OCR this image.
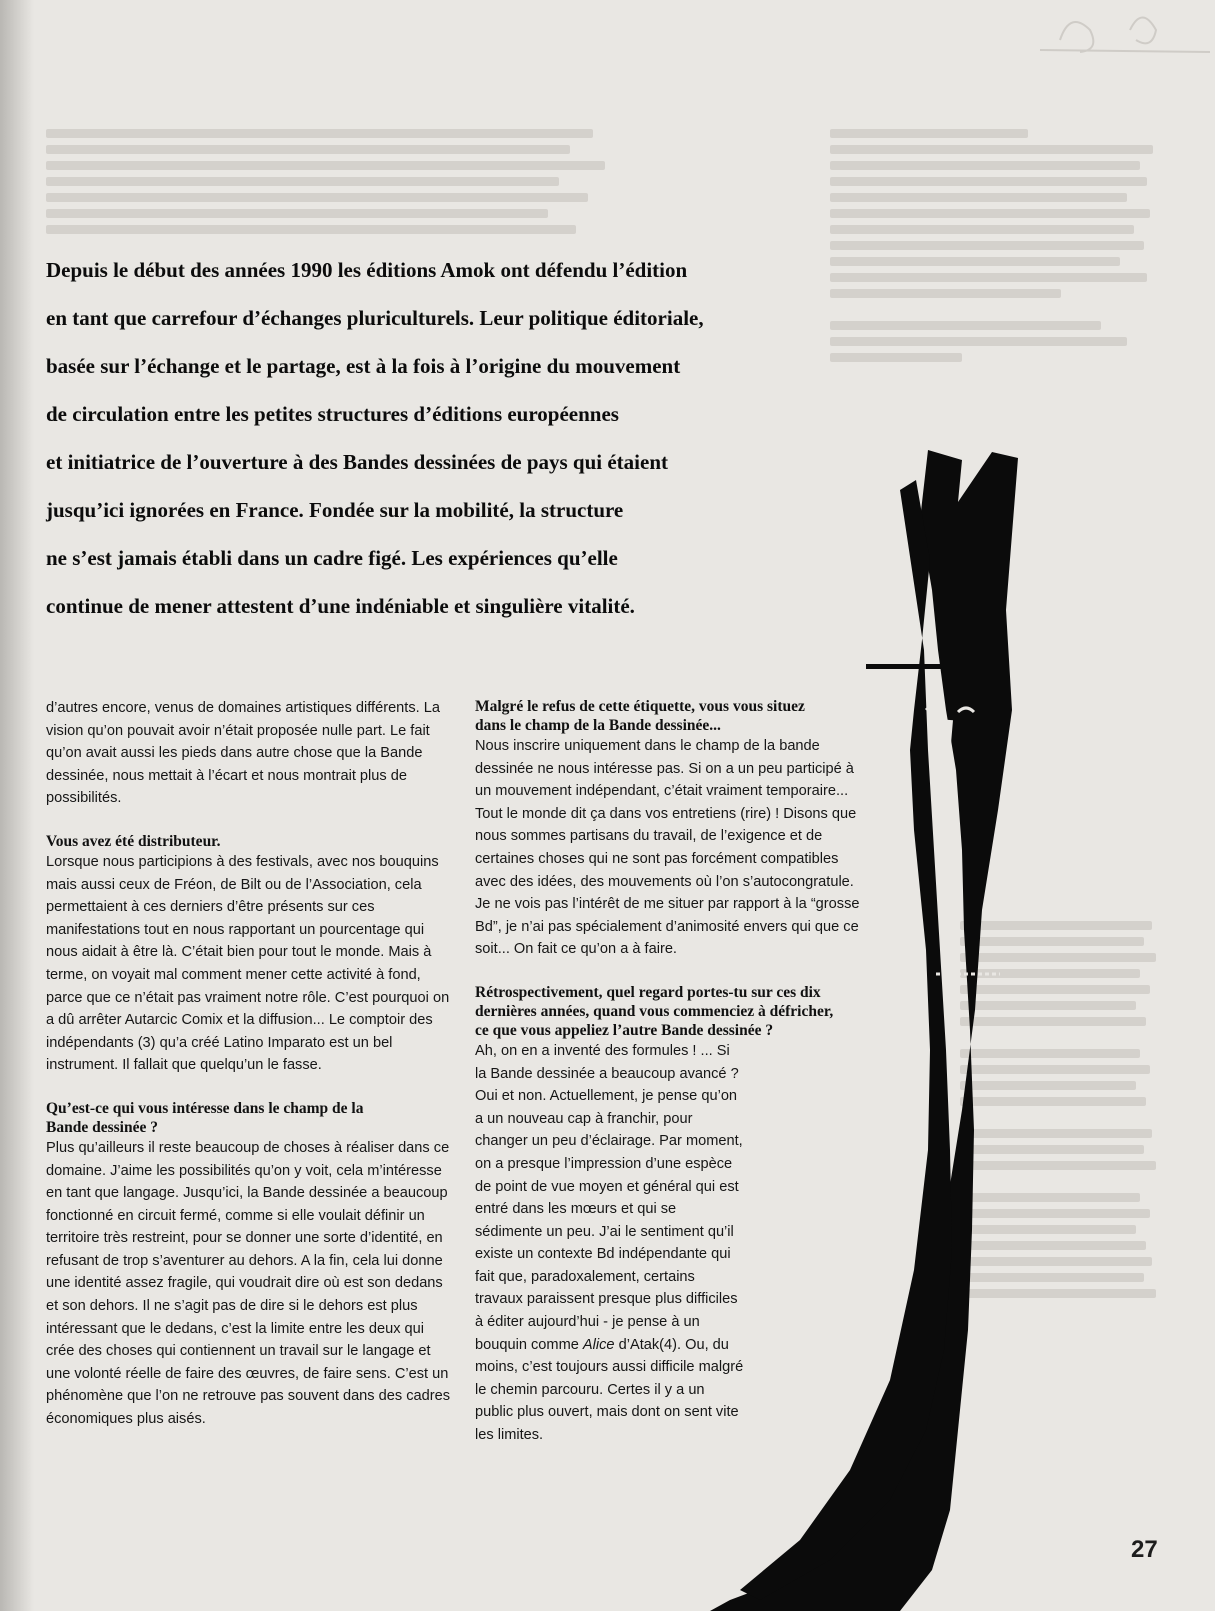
Depuis le début des années 1990 les éditions Amok ont défendu l’édition
en tant que carrefour d’échanges pluriculturels. Leur politique éditoriale,
basée sur l’échange et le partage, est à la fois à l’origine du mouvement
de circulation entre les petites structures d’éditions européennes
et initiatrice de l’ouverture à des Bandes dessinées de pays qui étaient
jusqu’ici ignorées en France. Fondée sur la mobilité, la structure
ne s’est jamais établi dans un cadre figé. Les expériences qu’elle
continue de mener attestent d’une indéniable et singulière vitalité.

d’autres encore, venus de domaines artistiques différents. La vision qu’on pouvait avoir n’était proposée nulle part. Le fait qu’on avait aussi les pieds dans autre chose que la Bande dessinée, nous mettait à l’écart et nous montrait plus de possibilités.

Vous avez été distributeur.

Lorsque nous participions à des festivals, avec nos bouquins mais aussi ceux de Fréon, de Bilt ou de l’Association, cela permettaient à ces derniers d’être présents sur ces manifestations tout en nous rapportant un pourcentage qui nous aidait à être là. C’était bien pour tout le monde. Mais à terme, on voyait mal comment mener cette activité à fond, parce que ce n’était pas vraiment notre rôle. C’est pourquoi on a dû arrêter Autarcic Comix et la diffusion... Le comptoir des indépendants (3) qu’a créé Latino Imparato est un bel instrument. Il fallait que quelqu’un le fasse.

Qu’est-ce qui vous intéresse dans le champ de la Bande dessinée ?

Plus qu’ailleurs il reste beaucoup de choses à réaliser dans ce domaine. J’aime les possibilités qu’on y voit, cela m’intéresse en tant que langage. Jusqu’ici, la Bande dessinée a beaucoup fonctionné en circuit fermé, comme si elle voulait définir un territoire très restreint, pour se donner une sorte d’identité, en refusant de trop s’aventurer au dehors. A la fin, cela lui donne une identité assez fragile, qui voudrait dire où est son dedans et son dehors. Il ne s’agit pas de dire si le dehors est plus intéressant que le dedans, c’est la limite entre les deux qui crée des choses qui contiennent un travail sur le langage et une volonté réelle de faire des œuvres, de faire sens. C’est un phénomène que l’on ne retrouve pas souvent dans des cadres économiques plus aisés.

Malgré le refus de cette étiquette, vous vous situez dans le champ de la Bande dessinée...

Nous inscrire uniquement dans le champ de la bande dessinée ne nous intéresse pas. Si on a un peu participé à un mouvement indépendant, c’était vraiment temporaire... Tout le monde dit ça dans vos entretiens (rire) ! Disons que nous sommes partisans du travail, de l’exigence et de certaines choses qui ne sont pas forcément compatibles avec des idées, des mouvements où l’on s’autocongratule. Je ne vois pas l’intérêt de me situer par rapport à la “grosse Bd”, je n’ai pas spécialement d’animosité envers qui que ce soit... On fait ce qu’on a à faire.

Rétrospectivement, quel regard portes-tu sur ces dix dernières années, quand vous commenciez à défricher, ce que vous appeliez l’autre Bande dessinée ?

Ah, on en a inventé des formules ! ... Si la Bande dessinée a beaucoup avancé ? Oui et non. Actuellement, je pense qu’on a un nouveau cap à franchir, pour changer un peu d’éclairage. Par moment, on a presque l’impression d’une espèce de point de vue moyen et général qui est entré dans les mœurs et qui se sédimente un peu. J’ai le sentiment qu’il existe un contexte Bd indépendante qui fait que, paradoxalement, certains travaux paraissent presque plus difficiles à éditer aujourd’hui - je pense à un bouquin comme Alice d’Atak(4). Ou, du moins, c’est toujours aussi difficile malgré le chemin parcouru. Certes il y a un public plus ouvert, mais dont on sent vite les limites.

27
